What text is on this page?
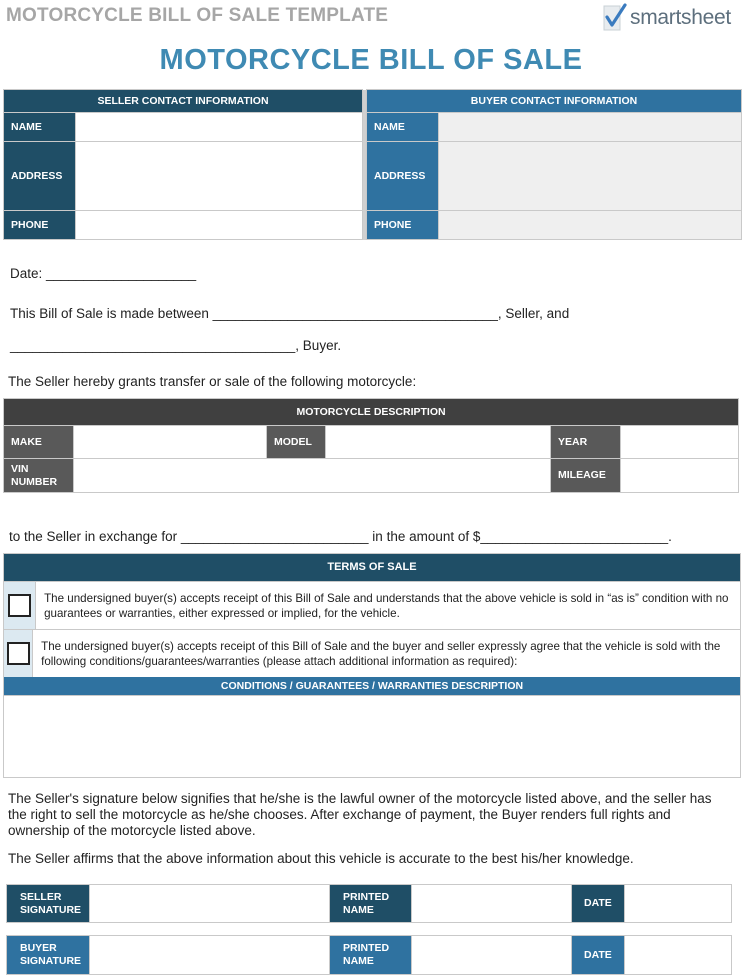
MOTORCYCLE BILL OF SALE TEMPLATE	smartsheet
MOTORCYCLE BILL OF SALE
SELLER CONTACT INFORMATION			BUYER CONTACT INFORMATION	
NAME			NAME	
ADDRESS			ADDRESS	
PHONE			PHONE	
Date: ____________________
This Bill of Sale is made between ______________________________________, Seller, and
______________________________________, Buyer.
The Seller hereby grants transfer or sale of the following motorcycle:
MOTORCYCLE DESCRIPTION					
MAKE		MODEL		YEAR	
VIN NUMBER				MILEAGE	
to the Seller in exchange for _________________________ in the amount of $_________________________.
TERMS OF SALE
The undersigned buyer(s) accepts receipt of this Bill of Sale and understands that the above vehicle is sold in “as is” condition with no guarantees or warranties, either expressed or implied, for the vehicle.
The undersigned buyer(s) accepts receipt of this Bill of Sale and the buyer and seller expressly agree that the vehicle is sold with the following conditions/guarantees/warranties (please attach additional information as required):
CONDITIONS / GUARANTEES / WARRANTIES DESCRIPTION
The Seller's signature below signifies that he/she is the lawful owner of the motorcycle listed above, and the seller has the right to sell the motorcycle as he/she chooses. After exchange of payment, the Buyer renders full rights and ownership of the motorcycle listed above.
The Seller affirms that the above information about this vehicle is accurate to the best his/her knowledge.
SELLER SIGNATURE		PRINTED NAME		DATE	
BUYER SIGNATURE		PRINTED NAME		DATE	
